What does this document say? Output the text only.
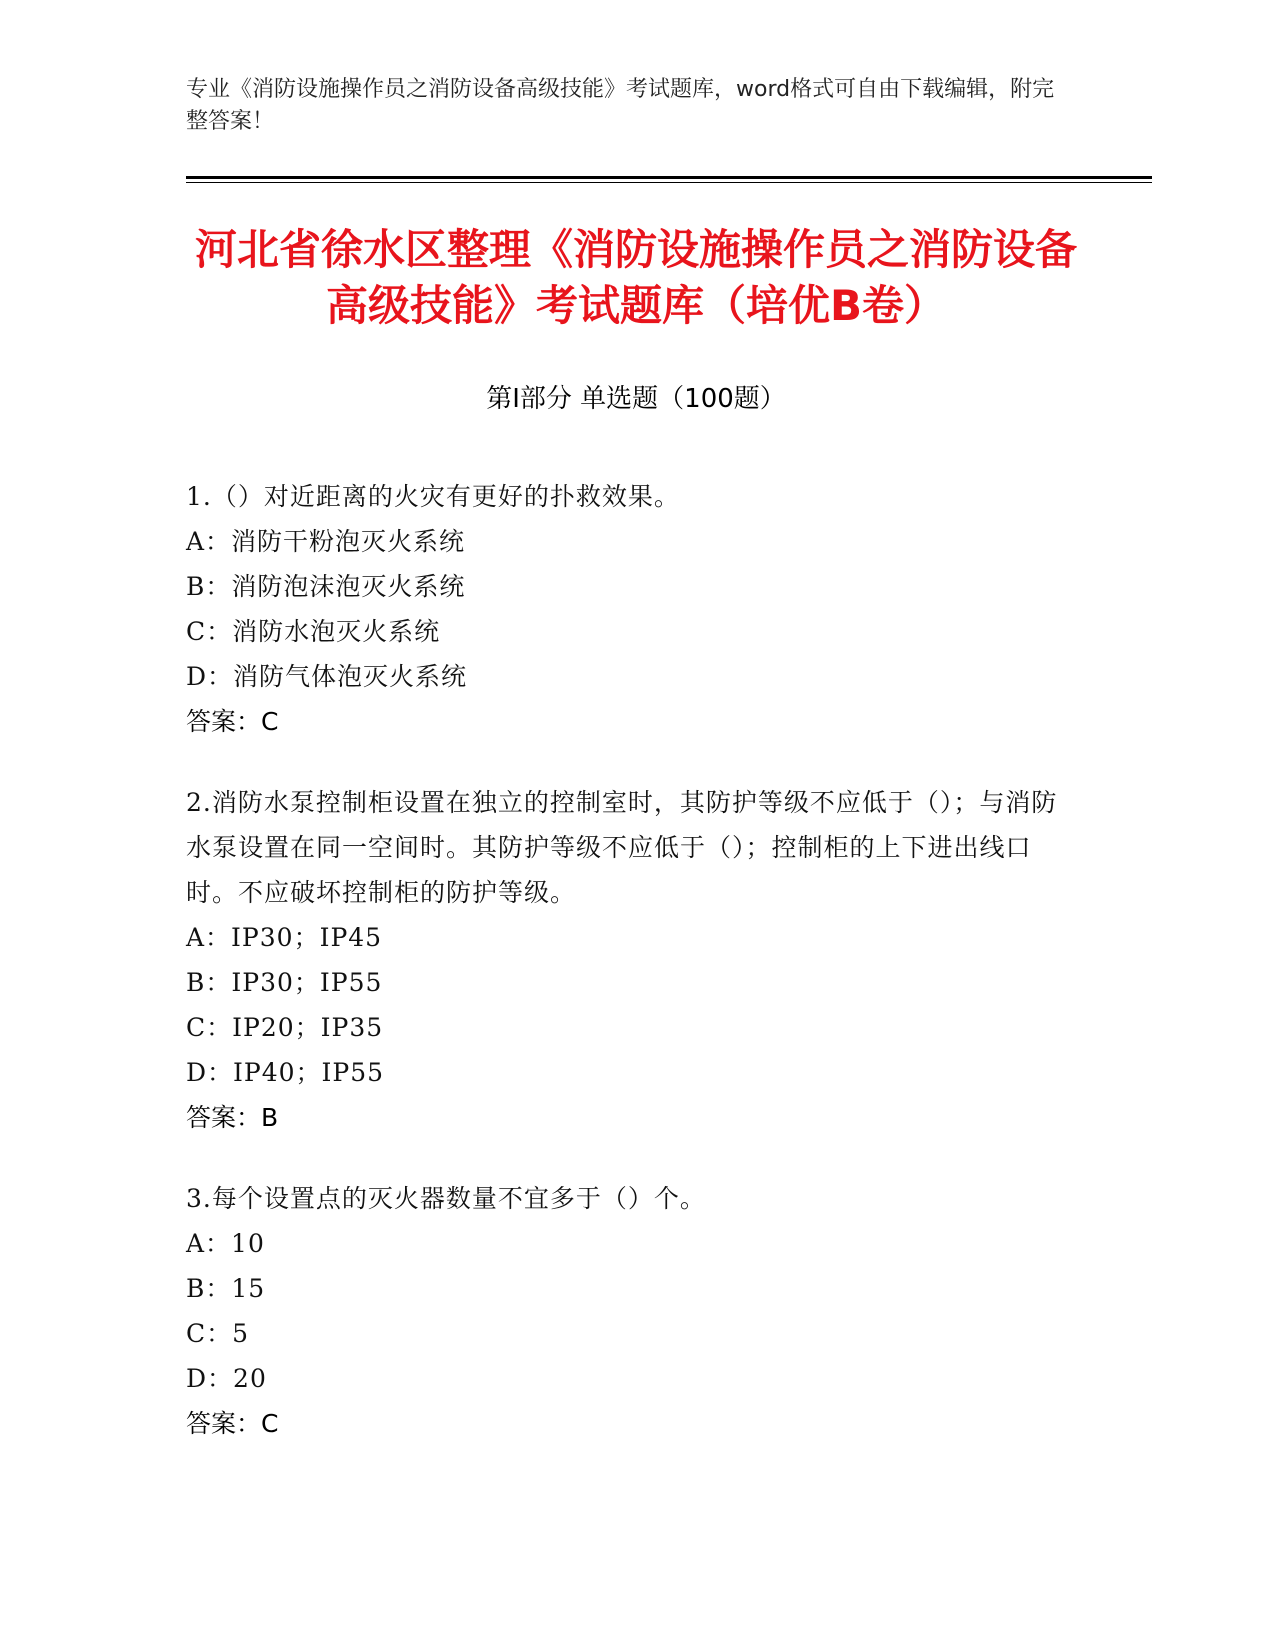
专业《消防设施操作员之消防设备高级技能》考试题库，word格式可自由下载编辑，附完整答案！
河北省徐水区整理《消防设施操作员之消防设备高级技能》考试题库（培优B卷）
第I部分 单选题（100题）
1.（）对近距离的火灾有更好的扑救效果。
A：消防干粉泡灭火系统
B：消防泡沫泡灭火系统
C：消防水泡灭火系统
D：消防气体泡灭火系统
答案：C
2.消防水泵控制柜设置在独立的控制室时，其防护等级不应低于（）；与消防水泵设置在同一空间时。其防护等级不应低于（）；控制柜的上下进出线口时。不应破坏控制柜的防护等级。
A：IP30；IP45
B：IP30；IP55
C：IP20；IP35
D：IP40；IP55
答案：B
3.每个设置点的灭火器数量不宜多于（）个。
A：10
B：15
C：5
D：20
答案：C
